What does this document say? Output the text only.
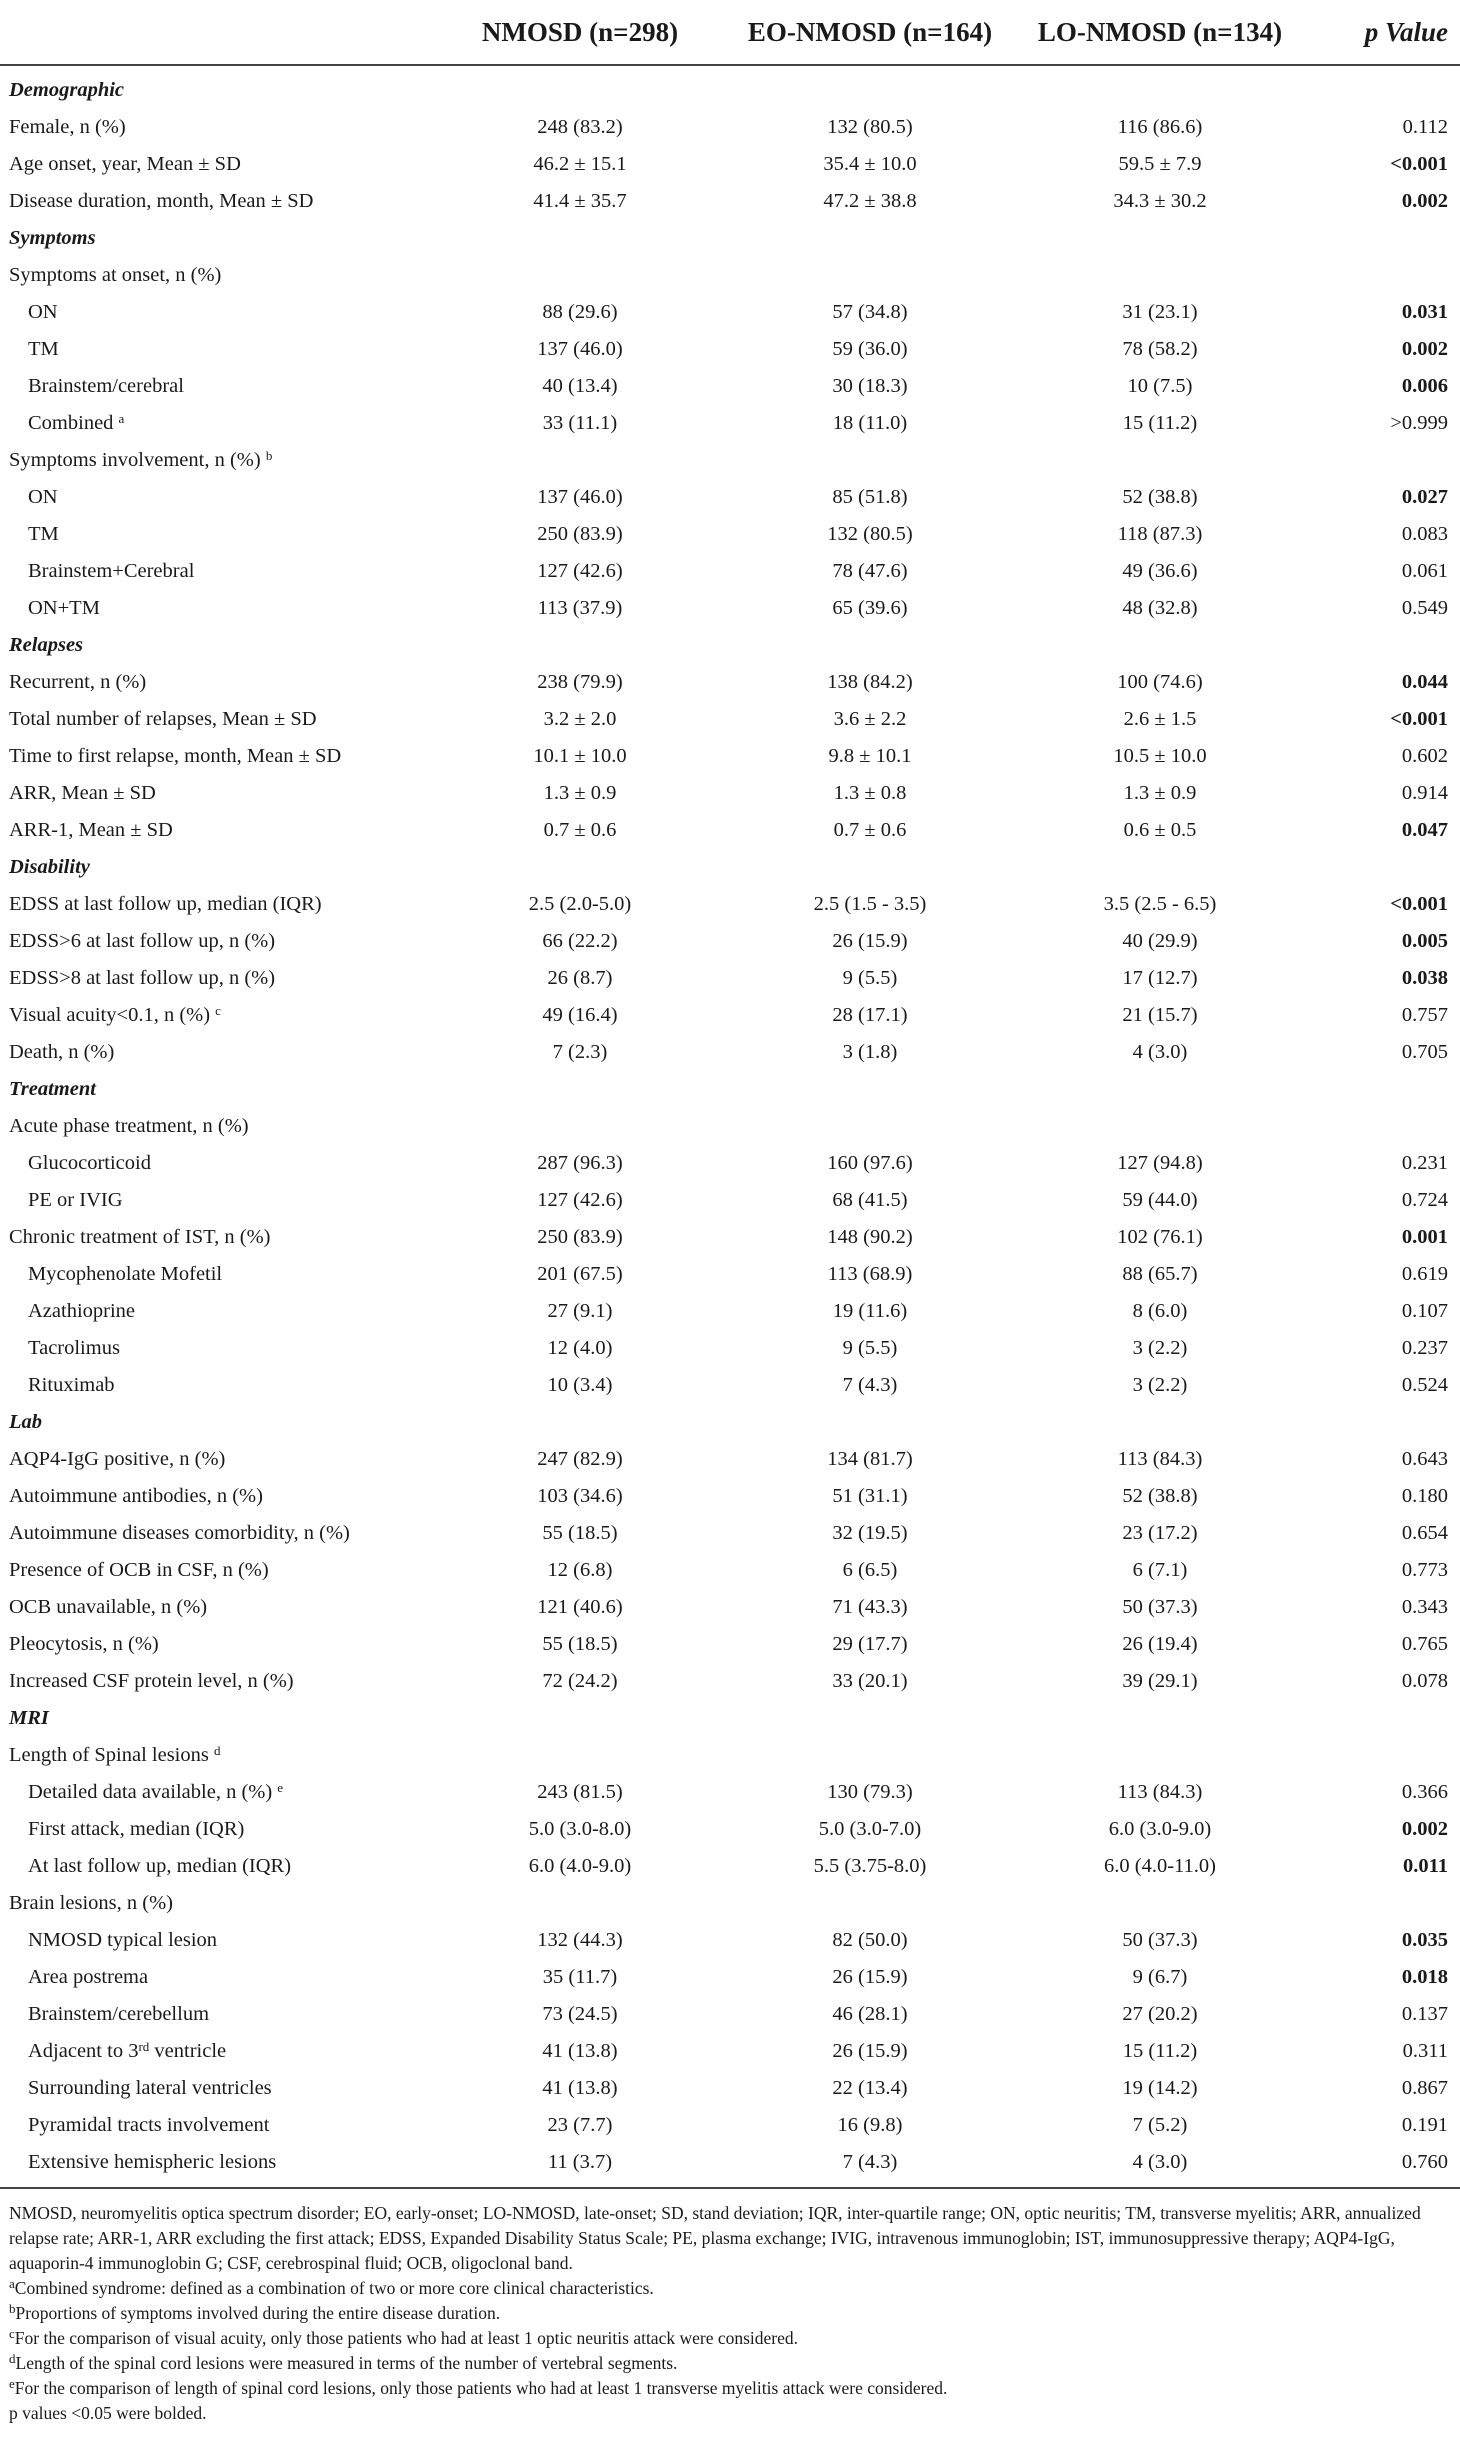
	NMOSD (n=298)	EO-NMOSD (n=164)	LO-NMOSD (n=134)	p Value
Demographic				
Female, n (%)	248 (83.2)	132 (80.5)	116 (86.6)	0.112
Age onset, year, Mean ± SD	46.2 ± 15.1	35.4 ± 10.0	59.5 ± 7.9	<0.001
Disease duration, month, Mean ± SD	41.4 ± 35.7	47.2 ± 38.8	34.3 ± 30.2	0.002
Symptoms				
Symptoms at onset, n (%)				
ON	88 (29.6)	57 (34.8)	31 (23.1)	0.031
TM	137 (46.0)	59 (36.0)	78 (58.2)	0.002
Brainstem/cerebral	40 (13.4)	30 (18.3)	10 (7.5)	0.006
Combined $^a$	33 (11.1)	18 (11.0)	15 (11.2)	>0.999
Symptoms involvement, n (%) $^b$				
ON	137 (46.0)	85 (51.8)	52 (38.8)	0.027
TM	250 (83.9)	132 (80.5)	118 (87.3)	0.083
Brainstem+Cerebral	127 (42.6)	78 (47.6)	49 (36.6)	0.061
ON+TM	113 (37.9)	65 (39.6)	48 (32.8)	0.549
Relapses				
Recurrent, n (%)	238 (79.9)	138 (84.2)	100 (74.6)	0.044
Total number of relapses, Mean ± SD	3.2 ± 2.0	3.6 ± 2.2	2.6 ± 1.5	<0.001
Time to first relapse, month, Mean ± SD	10.1 ± 10.0	9.8 ± 10.1	10.5 ± 10.0	0.602
ARR, Mean ± SD	1.3 ± 0.9	1.3 ± 0.8	1.3 ± 0.9	0.914
ARR-1, Mean ± SD	0.7 ± 0.6	0.7 ± 0.6	0.6 ± 0.5	0.047
Disability				
EDSS at last follow up, median (IQR)	2.5 (2.0-5.0)	2.5 (1.5 - 3.5)	3.5 (2.5 - 6.5)	<0.001
EDSS>6 at last follow up, n (%)	66 (22.2)	26 (15.9)	40 (29.9)	0.005
EDSS>8 at last follow up, n (%)	26 (8.7)	9 (5.5)	17 (12.7)	0.038
Visual acuity<0.1, n (%) $^c$	49 (16.4)	28 (17.1)	21 (15.7)	0.757
Death, n (%)	7 (2.3)	3 (1.8)	4 (3.0)	0.705
Treatment				
Acute phase treatment, n (%)				
Glucocorticoid	287 (96.3)	160 (97.6)	127 (94.8)	0.231
PE or IVIG	127 (42.6)	68 (41.5)	59 (44.0)	0.724
Chronic treatment of IST, n (%)	250 (83.9)	148 (90.2)	102 (76.1)	0.001
Mycophenolate Mofetil	201 (67.5)	113 (68.9)	88 (65.7)	0.619
Azathioprine	27 (9.1)	19 (11.6)	8 (6.0)	0.107
Tacrolimus	12 (4.0)	9 (5.5)	3 (2.2)	0.237
Rituximab	10 (3.4)	7 (4.3)	3 (2.2)	0.524
Lab				
AQP4-IgG positive, n (%)	247 (82.9)	134 (81.7)	113 (84.3)	0.643
Autoimmune antibodies, n (%)	103 (34.6)	51 (31.1)	52 (38.8)	0.180
Autoimmune diseases comorbidity, n (%)	55 (18.5)	32 (19.5)	23 (17.2)	0.654
Presence of OCB in CSF, n (%)	12 (6.8)	6 (6.5)	6 (7.1)	0.773
OCB unavailable, n (%)	121 (40.6)	71 (43.3)	50 (37.3)	0.343
Pleocytosis, n (%)	55 (18.5)	29 (17.7)	26 (19.4)	0.765
Increased CSF protein level, n (%)	72 (24.2)	33 (20.1)	39 (29.1)	0.078
MRI				
Length of Spinal lesions $^d$				
Detailed data available, n (%) $^e$	243 (81.5)	130 (79.3)	113 (84.3)	0.366
First attack, median (IQR)	5.0 (3.0-8.0)	5.0 (3.0-7.0)	6.0 (3.0-9.0)	0.002
At last follow up, median (IQR)	6.0 (4.0-9.0)	5.5 (3.75-8.0)	6.0 (4.0-11.0)	0.011
Brain lesions, n (%)				
NMOSD typical lesion	132 (44.3)	82 (50.0)	50 (37.3)	0.035
Area postrema	35 (11.7)	26 (15.9)	9 (6.7)	0.018
Brainstem/cerebellum	73 (24.5)	46 (28.1)	27 (20.2)	0.137
Adjacent to 3rd ventricle	41 (13.8)	26 (15.9)	15 (11.2)	0.311
Surrounding lateral ventricles	41 (13.8)	22 (13.4)	19 (14.2)	0.867
Pyramidal tracts involvement	23 (7.7)	16 (9.8)	7 (5.2)	0.191
Extensive hemispheric lesions	11 (3.7)	7 (4.3)	4 (3.0)	0.760

NMOSD, neuromyelitis optica spectrum disorder; EO, early-onset; LO-NMOSD, late-onset; SD, stand deviation; IQR, inter-quartile range; ON, optic neuritis; TM, transverse myelitis; ARR, annualized relapse rate; ARR-1, ARR excluding the first attack; EDSS, Expanded Disability Status Scale; PE, plasma exchange; IVIG, intravenous immunoglobin; IST, immunosuppressive therapy; AQP4-IgG, aquaporin-4 immunoglobin G; CSF, cerebrospinal fluid; OCB, oligoclonal band.

$^a$Combined syndrome: defined as a combination of two or more core clinical characteristics.

$^b$Proportions of symptoms involved during the entire disease duration.

$^c$For the comparison of visual acuity, only those patients who had at least 1 optic neuritis attack were considered.

$^d$Length of the spinal cord lesions were measured in terms of the number of vertebral segments.

$^e$For the comparison of length of spinal cord lesions, only those patients who had at least 1 transverse myelitis attack were considered.

p values <0.05 were bolded.
